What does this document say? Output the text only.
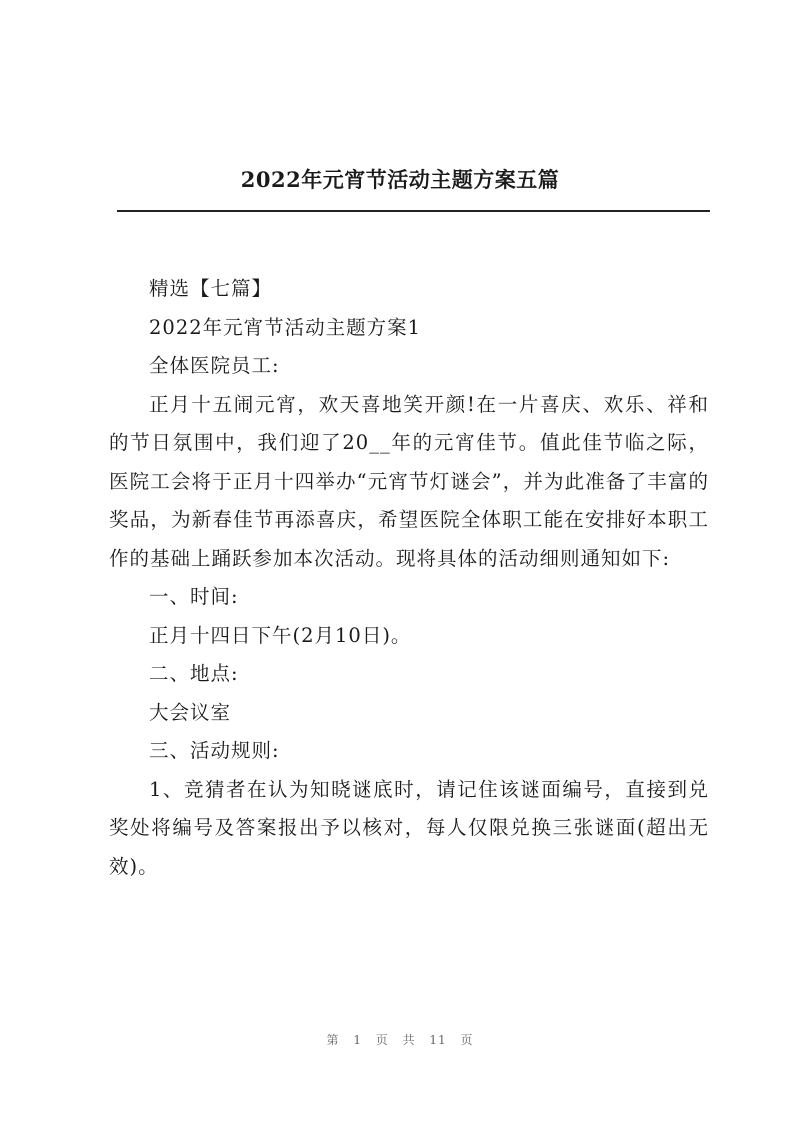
2022年元宵节活动主题方案五篇

精选【七篇】

2022年元宵节活动主题方案1

全体医院员工:

正月十五闹元宵，欢天喜地笑开颜!在一片喜庆、欢乐、祥和的节日氛围中，我们迎了20__年的元宵佳节。值此佳节临之际，医院工会将于正月十四举办“元宵节灯谜会”，并为此准备了丰富的奖品，为新春佳节再添喜庆，希望医院全体职工能在安排好本职工作的基础上踊跃参加本次活动。现将具体的活动细则通知如下:

一、时间:

正月十四日下午(2月10日)。

二、地点:

大会议室

三、活动规则:

1、竞猜者在认为知晓谜底时，请记住该谜面编号，直接到兑奖处将编号及答案报出予以核对，每人仅限兑换三张谜面(超出无效)。

第 1 页 共 11 页
